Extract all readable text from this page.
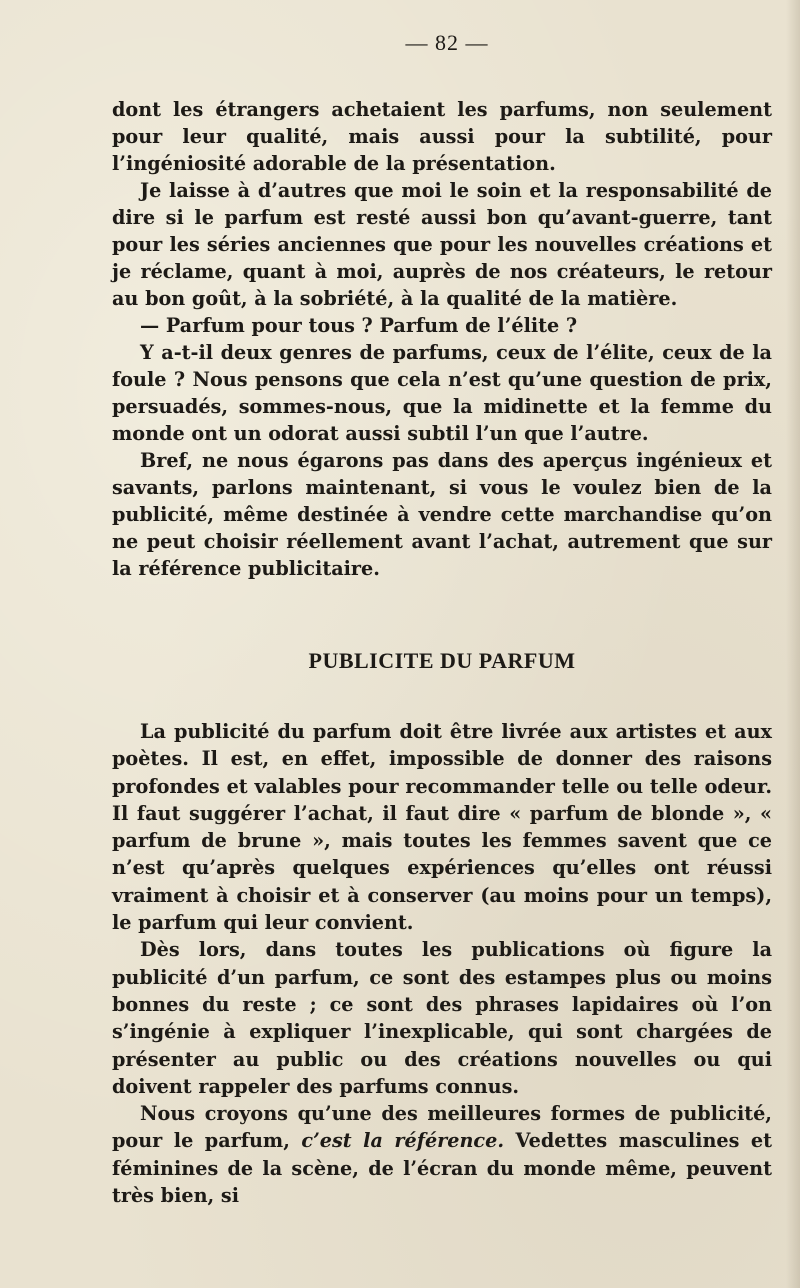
— 82 —

dont les étrangers achetaient les parfums, non seulement pour leur qualité, mais aussi pour la subtilité, pour l’ingéniosité adorable de la présentation.

Je laisse à d’autres que moi le soin et la responsabilité de dire si le parfum est resté aussi bon qu’avant-guerre, tant pour les séries anciennes que pour les nouvelles créations et je réclame, quant à moi, auprès de nos créateurs, le retour au bon goût, à la sobriété, à la qualité de la matière.

— Parfum pour tous ? Parfum de l’élite ?

Y a-t-il deux genres de parfums, ceux de l’élite, ceux de la foule ? Nous pensons que cela n’est qu’une question de prix, persuadés, sommes-nous, que la midinette et la femme du monde ont un odorat aussi subtil l’un que l’autre.

Bref, ne nous égarons pas dans des aperçus ingénieux et savants, parlons maintenant, si vous le voulez bien de la publicité, même destinée à vendre cette marchandise qu’on ne peut choisir réellement avant l’achat, autrement que sur la référence publicitaire.

PUBLICITE DU PARFUM

La publicité du parfum doit être livrée aux artistes et aux poètes. Il est, en effet, impossible de donner des raisons profondes et valables pour recommander telle ou telle odeur. Il faut suggérer l’achat, il faut dire « parfum de blonde », « parfum de brune », mais toutes les femmes savent que ce n’est qu’après quelques expériences qu’elles ont réussi vraiment à choisir et à conserver (au moins pour un temps), le parfum qui leur convient.

Dès lors, dans toutes les publications où figure la publicité d’un parfum, ce sont des estampes plus ou moins bonnes du reste ; ce sont des phrases lapidaires où l’on s’ingénie à expliquer l’inexplicable, qui sont chargées de présenter au public ou des créations nouvelles ou qui doivent rappeler des parfums connus.

Nous croyons qu’une des meilleures formes de publicité, pour le parfum, c’est la référence. Vedettes masculines et féminines de la scène, de l’écran du monde même, peuvent très bien, si
